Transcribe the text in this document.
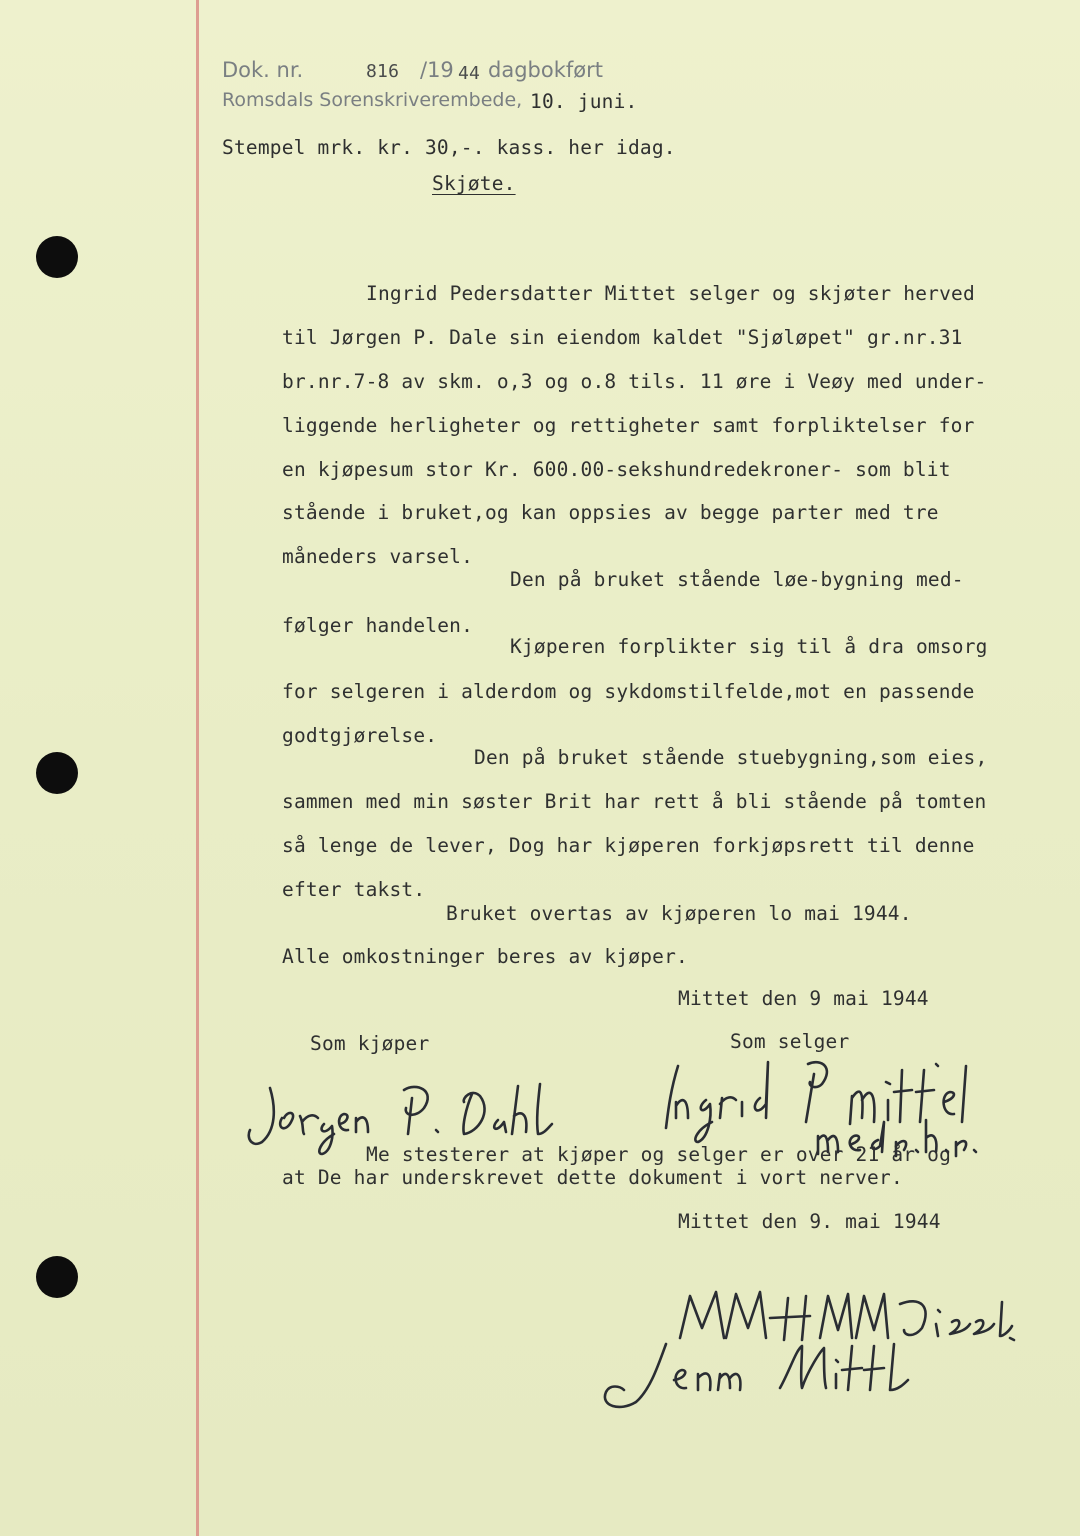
Dok. nr.	816 /19 44 dagbokført
Romsdals Sorenskriverembede, 10. juni.
Stempel mrk. kr. 30,-. kass. her idag.
Skjøte.
Ingrid Pedersdatter Mittet selger og skjøter herved
til Jørgen P. Dale sin eiendom kaldet "Sjøløpet" gr.nr.31
br.nr.7-8 av skm. o,3 og o.8 tils. 11 øre i Veøy med under-
liggende herligheter og rettigheter samt forpliktelser for
en kjøpesum stor Kr. 600.00-sekshundredekroner- som blit
stående i bruket,og kan oppsies av begge parter med tre
måneders varsel.
Den på bruket stående løe-bygning med-
følger handelen.
Kjøperen forplikter sig til å dra omsorg
for selgeren i alderdom og sykdomstilfelde,mot en passende
godtgjørelse.
Den på bruket stående stuebygning,som eies,
sammen med min søster Brit har rett å bli stående på tomten
så lenge de lever, Dog har kjøperen forkjøpsrett til denne
efter takst.
Bruket overtas av kjøperen lo mai 1944.
Alle omkostninger beres av kjøper.
Mittet den 9 mai 1944
Som kjøper	Som selger
Me stesterer at kjøper og selger er over 21 år og
at De har underskrevet dette dokument i vort nerver.
Mittet den 9. mai 1944
